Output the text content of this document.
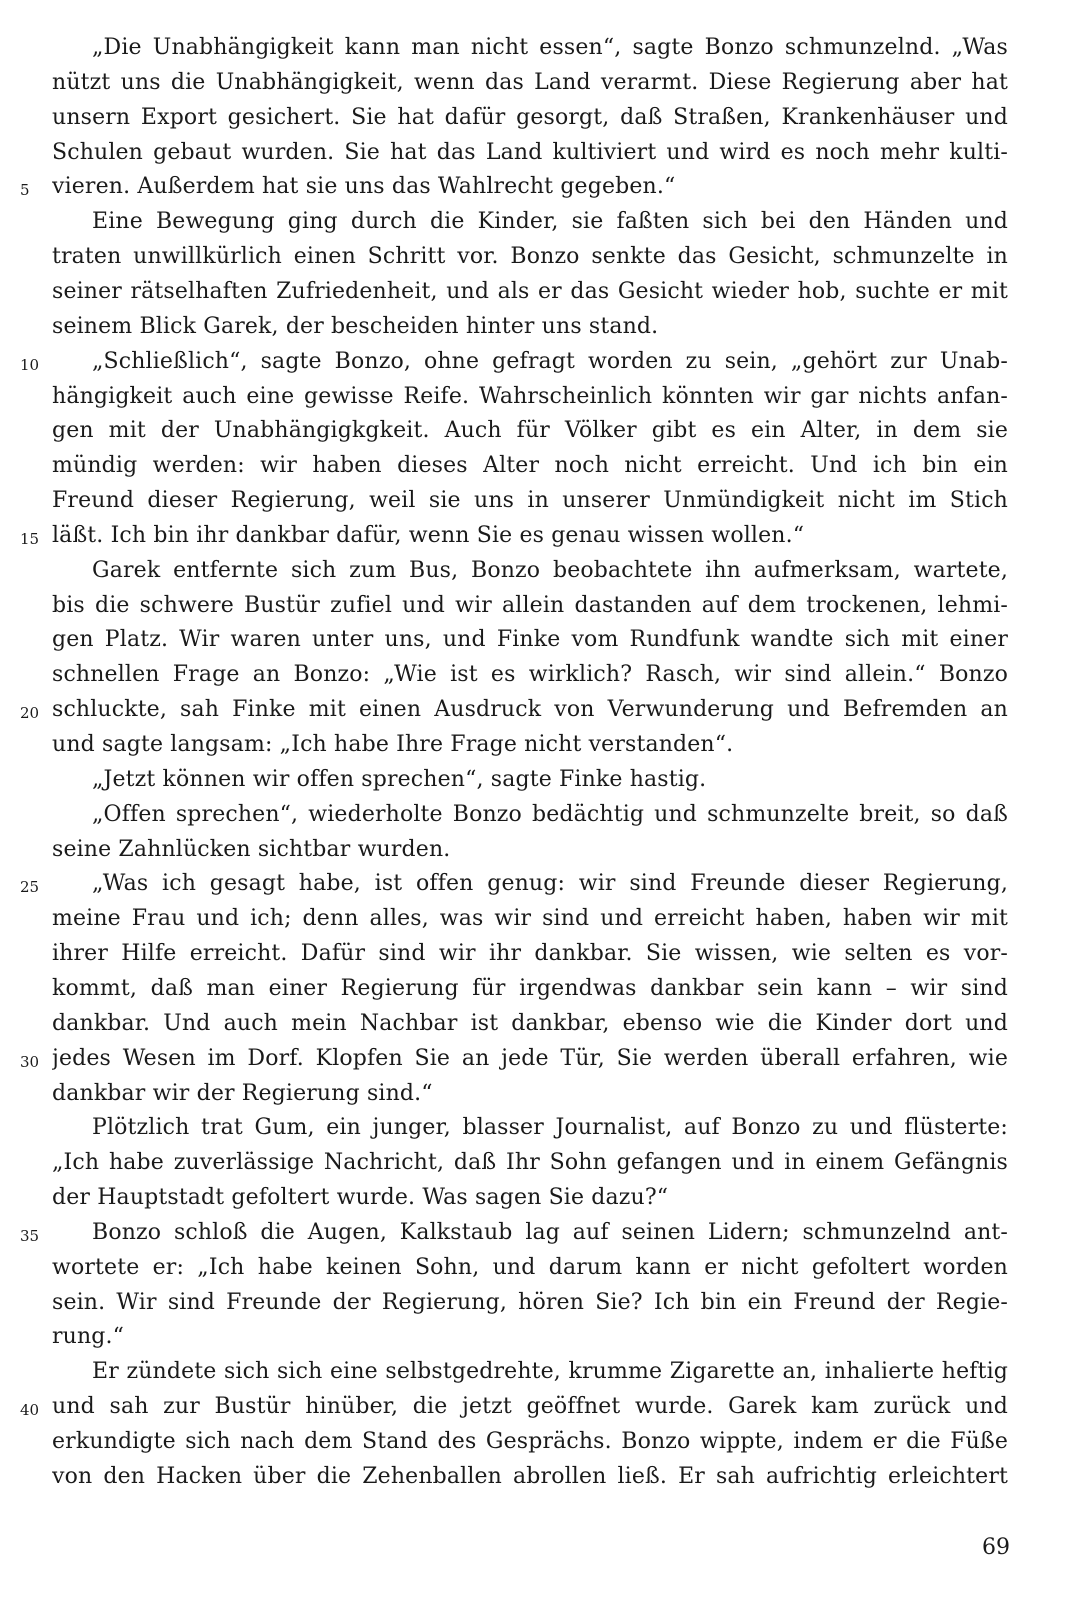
„Die Unabhängigkeit kann man nicht essen“, sagte Bonzo schmunzelnd. „Was
nützt uns die Unabhängigkeit, wenn das Land verarmt. Diese Regierung aber hat
unsern Export gesichert. Sie hat dafür gesorgt, daß Straßen, Krankenhäuser und
Schulen gebaut wurden. Sie hat das Land kultiviert und wird es noch mehr kulti-
vieren. Außerdem hat sie uns das Wahlrecht gegeben.“
Eine Bewegung ging durch die Kinder, sie faßten sich bei den Händen und
traten unwillkürlich einen Schritt vor. Bonzo senkte das Gesicht, schmunzelte in
seiner rätselhaften Zufriedenheit, und als er das Gesicht wieder hob, suchte er mit
seinem Blick Garek, der bescheiden hinter uns stand.
„Schließlich“, sagte Bonzo, ohne gefragt worden zu sein, „gehört zur Unab-
hängigkeit auch eine gewisse Reife. Wahrscheinlich könnten wir gar nichts anfan-
gen mit der Unabhängigkgkeit. Auch für Völker gibt es ein Alter, in dem sie
mündig werden: wir haben dieses Alter noch nicht erreicht. Und ich bin ein
Freund dieser Regierung, weil sie uns in unserer Unmündigkeit nicht im Stich
läßt. Ich bin ihr dankbar dafür, wenn Sie es genau wissen wollen.“
Garek entfernte sich zum Bus, Bonzo beobachtete ihn aufmerksam, wartete,
bis die schwere Bustür zufiel und wir allein dastanden auf dem trockenen, lehmi-
gen Platz. Wir waren unter uns, und Finke vom Rundfunk wandte sich mit einer
schnellen Frage an Bonzo: „Wie ist es wirklich? Rasch, wir sind allein.“ Bonzo
schluckte, sah Finke mit einen Ausdruck von Verwunderung und Befremden an
und sagte langsam: „Ich habe Ihre Frage nicht verstanden“.
„Jetzt können wir offen sprechen“, sagte Finke hastig.
„Offen sprechen“, wiederholte Bonzo bedächtig und schmunzelte breit, so daß
seine Zahnlücken sichtbar wurden.
„Was ich gesagt habe, ist offen genug: wir sind Freunde dieser Regierung,
meine Frau und ich; denn alles, was wir sind und erreicht haben, haben wir mit
ihrer Hilfe erreicht. Dafür sind wir ihr dankbar. Sie wissen, wie selten es vor-
kommt, daß man einer Regierung für irgendwas dankbar sein kann – wir sind
dankbar. Und auch mein Nachbar ist dankbar, ebenso wie die Kinder dort und
jedes Wesen im Dorf. Klopfen Sie an jede Tür, Sie werden überall erfahren, wie
dankbar wir der Regierung sind.“
Plötzlich trat Gum, ein junger, blasser Journalist, auf Bonzo zu und flüsterte:
„Ich habe zuverlässige Nachricht, daß Ihr Sohn gefangen und in einem Gefängnis
der Hauptstadt gefoltert wurde. Was sagen Sie dazu?“
Bonzo schloß die Augen, Kalkstaub lag auf seinen Lidern; schmunzelnd ant-
wortete er: „Ich habe keinen Sohn, und darum kann er nicht gefoltert worden
sein. Wir sind Freunde der Regierung, hören Sie? Ich bin ein Freund der Regie-
rung.“
Er zündete sich sich eine selbstgedrehte, krumme Zigarette an, inhalierte heftig
und sah zur Bustür hinüber, die jetzt geöffnet wurde. Garek kam zurück und
erkundigte sich nach dem Stand des Gesprächs. Bonzo wippte, indem er die Füße
von den Hacken über die Zehenballen abrollen ließ. Er sah aufrichtig erleichtert
5
10
15
20
25
30
35
40
69
